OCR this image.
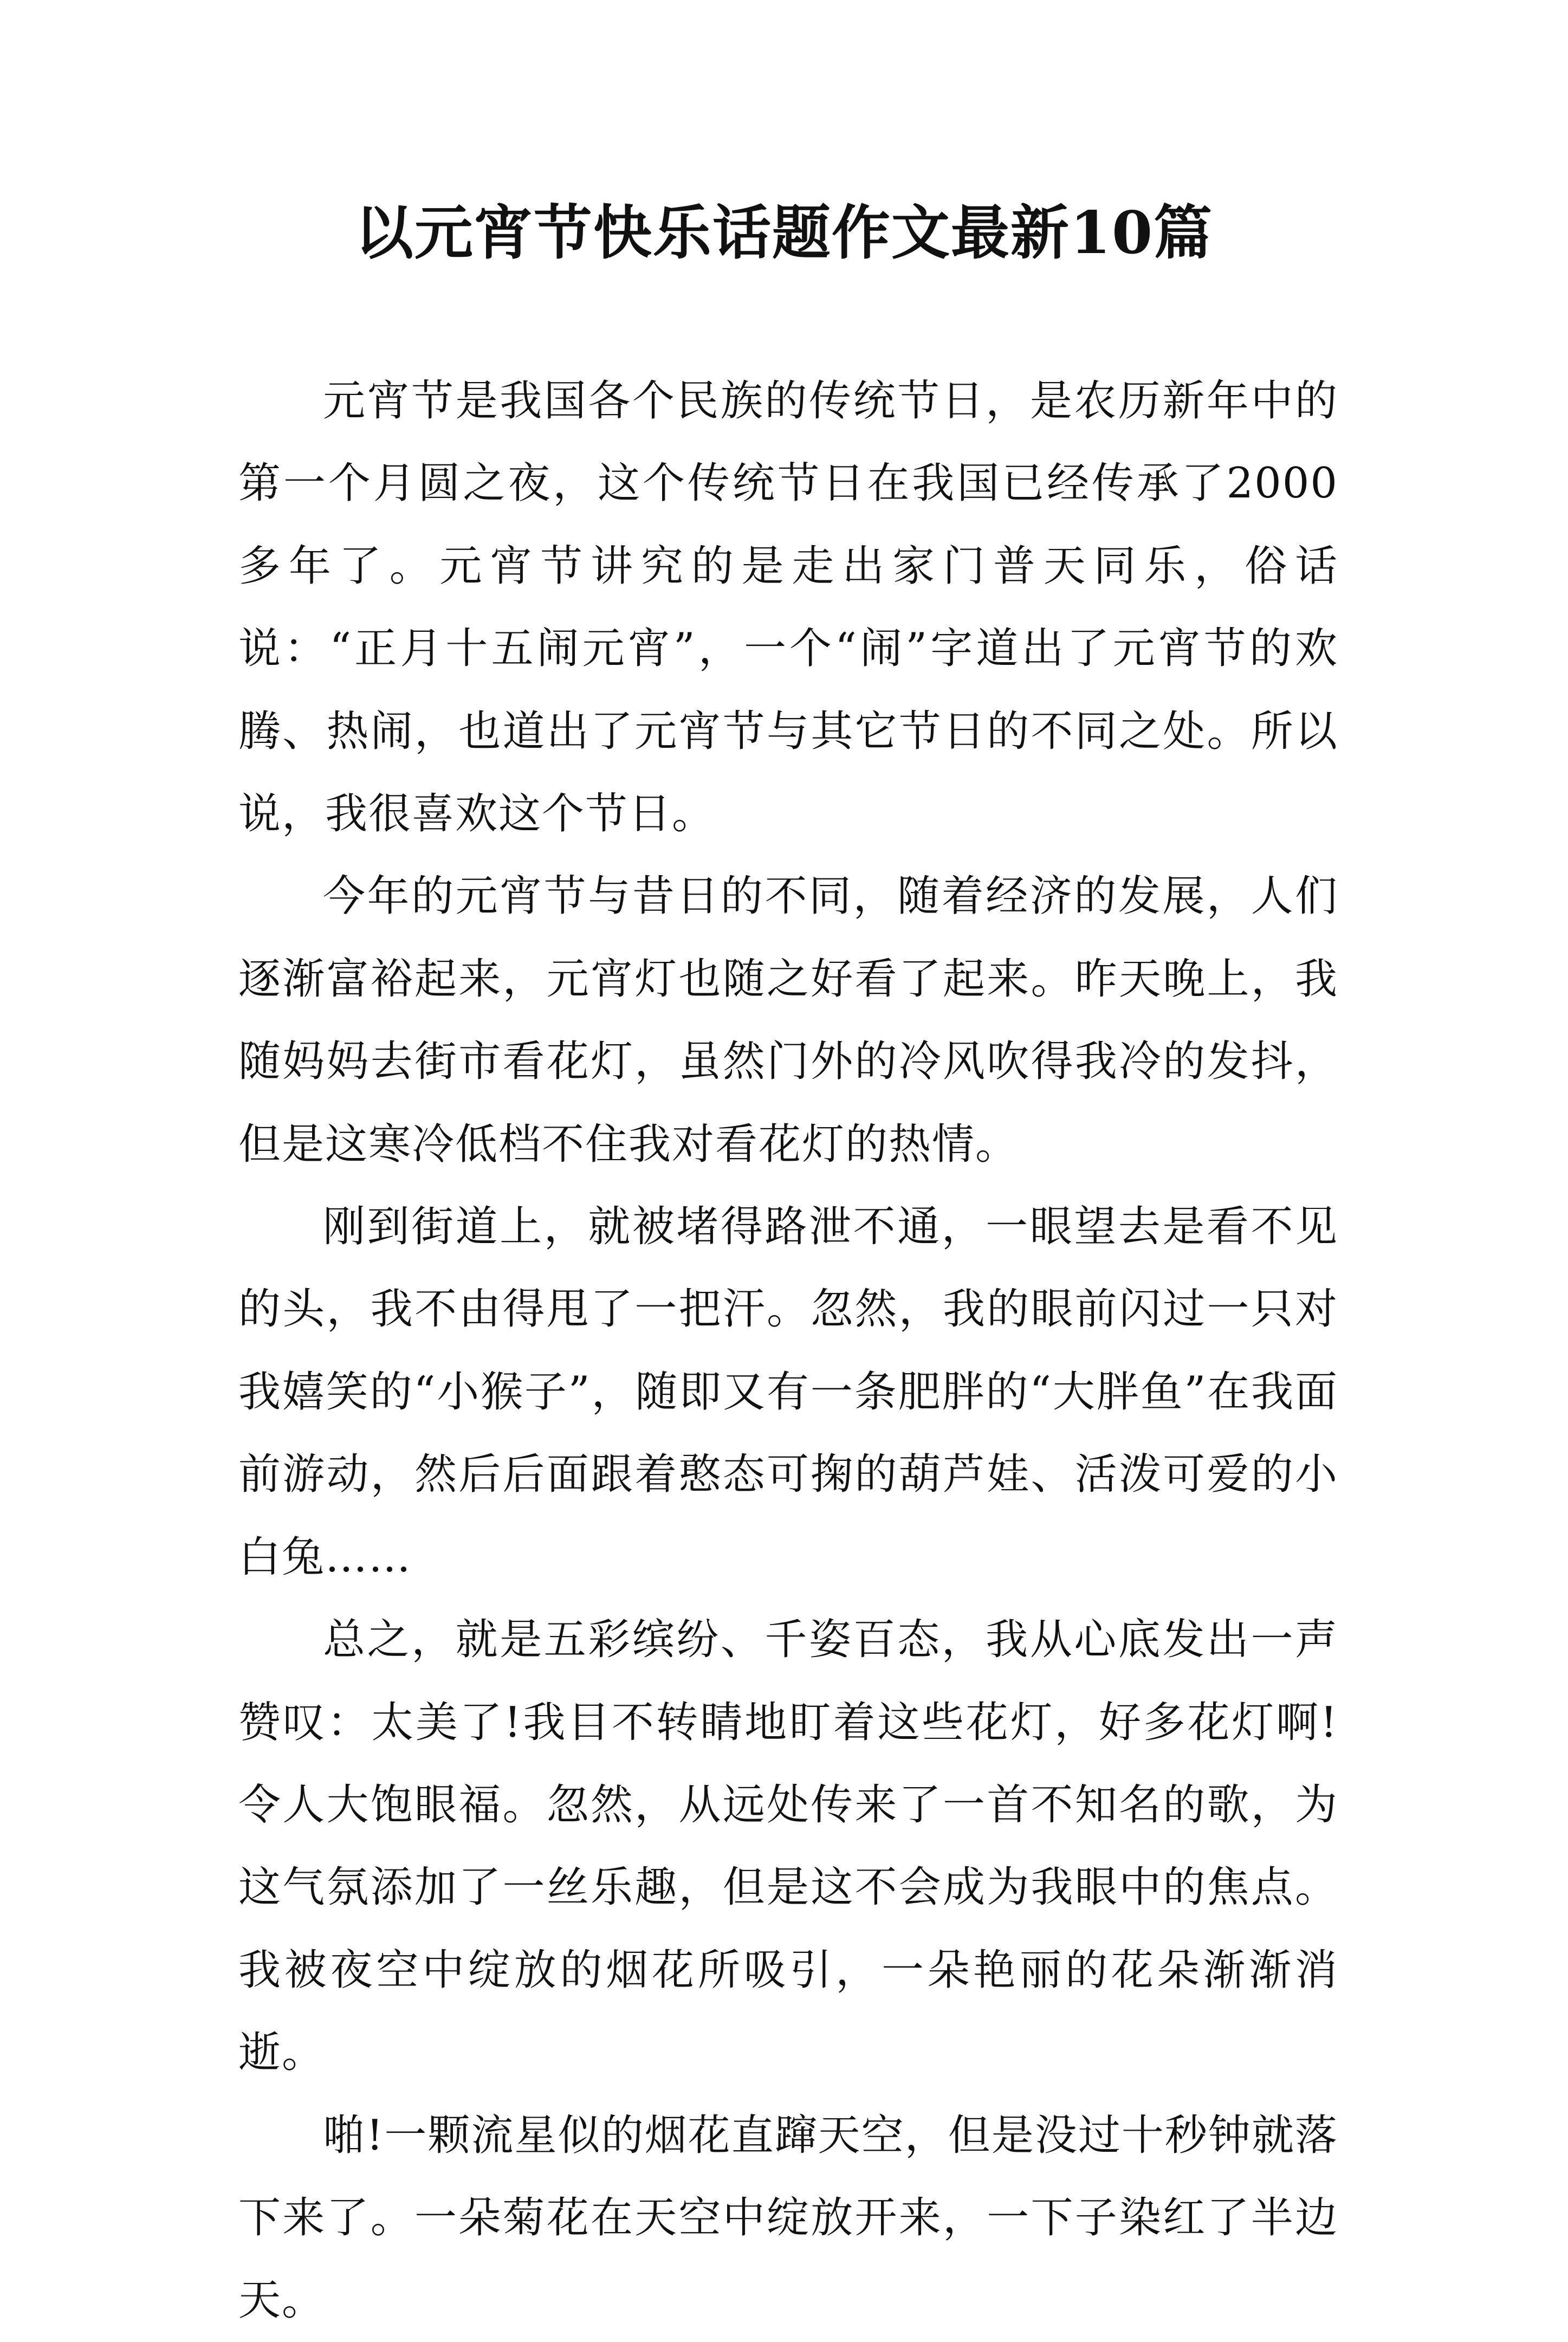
以元宵节快乐话题作文最新10篇

元宵节是我国各个民族的传统节日，是农历新年中的第一个月圆之夜，这个传统节日在我国已经传承了2000多年了。元宵节讲究的是走出家门普天同乐，俗话说：“正月十五闹元宵”，一个“闹”字道出了元宵节的欢腾、热闹，也道出了元宵节与其它节日的不同之处。所以说，我很喜欢这个节日。

今年的元宵节与昔日的不同，随着经济的发展，人们逐渐富裕起来，元宵灯也随之好看了起来。昨天晚上，我随妈妈去街市看花灯，虽然门外的冷风吹得我冷的发抖，但是这寒冷低档不住我对看花灯的热情。

刚到街道上，就被堵得路泄不通，一眼望去是看不见的头，我不由得甩了一把汗。忽然，我的眼前闪过一只对我嬉笑的“小猴子”，随即又有一条肥胖的“大胖鱼”在我面前游动，然后后面跟着憨态可掬的葫芦娃、活泼可爱的小白兔……

总之，就是五彩缤纷、千姿百态，我从心底发出一声赞叹：太美了!我目不转睛地盯着这些花灯，好多花灯啊!令人大饱眼福。忽然，从远处传来了一首不知名的歌，为这气氛添加了一丝乐趣，但是这不会成为我眼中的焦点。我被夜空中绽放的烟花所吸引，一朵艳丽的花朵渐渐消逝。

啪!一颗流星似的烟花直蹿天空，但是没过十秒钟就落下来了。一朵菊花在天空中绽放开来，一下子染红了半边天。
